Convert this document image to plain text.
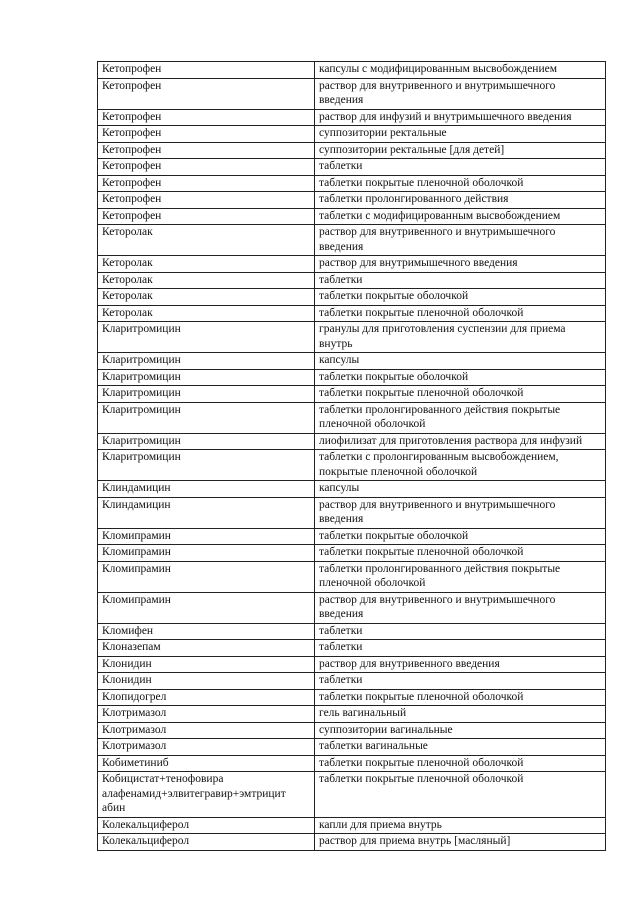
Кетопрофен	капсулы с модифицированным высвобождением
Кетопрофен	раствор для внутривенного и внутримышечного введения
Кетопрофен	раствор для инфузий и внутримышечного введения
Кетопрофен	суппозитории ректальные
Кетопрофен	суппозитории ректальные [для детей]
Кетопрофен	таблетки
Кетопрофен	таблетки покрытые пленочной оболочкой
Кетопрофен	таблетки пролонгированного действия
Кетопрофен	таблетки с модифицированным высвобождением
Кеторолак	раствор для внутривенного и внутримышечного введения
Кеторолак	раствор для внутримышечного введения
Кеторолак	таблетки
Кеторолак	таблетки покрытые оболочкой
Кеторолак	таблетки покрытые пленочной оболочкой
Кларитромицин	гранулы для приготовления суспензии для приема внутрь
Кларитромицин	капсулы
Кларитромицин	таблетки покрытые оболочкой
Кларитромицин	таблетки покрытые пленочной оболочкой
Кларитромицин	таблетки пролонгированного действия покрытые пленочной оболочкой
Кларитромицин	лиофилизат для приготовления раствора для инфузий
Кларитромицин	таблетки с пролонгированным высвобождением, покрытые пленочной оболочкой
Клиндамицин	капсулы
Клиндамицин	раствор для внутривенного и внутримышечного введения
Кломипрамин	таблетки покрытые оболочкой
Кломипрамин	таблетки покрытые пленочной оболочкой
Кломипрамин	таблетки пролонгированного действия покрытые пленочной оболочкой
Кломипрамин	раствор для внутривенного и внутримышечного введения
Кломифен	таблетки
Клоназепам	таблетки
Клонидин	раствор для внутривенного введения
Клонидин	таблетки
Клопидогрел	таблетки покрытые пленочной оболочкой
Клотримазол	гель вагинальный
Клотримазол	суппозитории вагинальные
Клотримазол	таблетки вагинальные
Кобиметиниб	таблетки покрытые пленочной оболочкой
Кобицистат+тенофовира алафенамид+элвитегравир+эмтрицит абин	таблетки покрытые пленочной оболочкой
Колекальциферол	капли для приема внутрь
Колекальциферол	раствор для приема внутрь [масляный]
